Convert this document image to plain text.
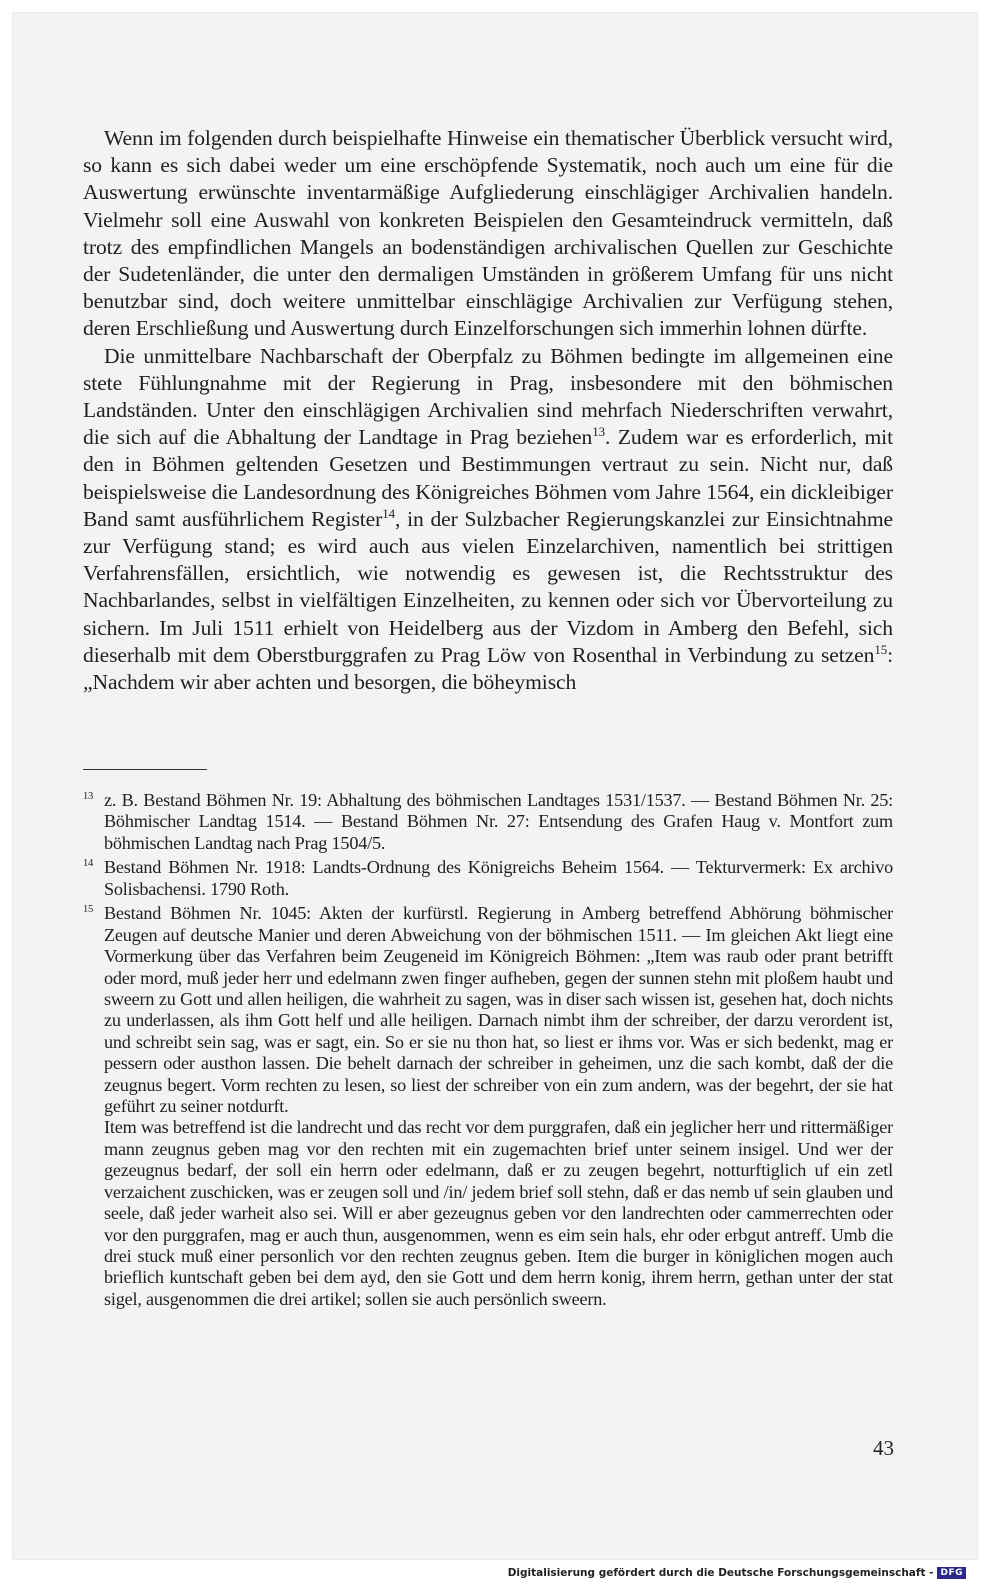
Wenn im folgenden durch beispielhafte Hinweise ein thematischer Überblick versucht wird, so kann es sich dabei weder um eine erschöpfende Systematik, noch auch um eine für die Auswertung erwünschte inventarmäßige Aufgliederung einschlägiger Archivalien handeln. Vielmehr soll eine Auswahl von konkreten Beispielen den Gesamteindruck vermitteln, daß trotz des empfindlichen Mangels an bodenständigen archivalischen Quellen zur Geschichte der Sudetenländer, die unter den dermaligen Umständen in größerem Umfang für uns nicht benutzbar sind, doch weitere unmittelbar einschlägige Archivalien zur Verfügung stehen, deren Erschließung und Auswertung durch Einzelforschungen sich immerhin lohnen dürfte.

Die unmittelbare Nachbarschaft der Oberpfalz zu Böhmen bedingte im allgemeinen eine stete Fühlungnahme mit der Regierung in Prag, insbesondere mit den böhmischen Landständen. Unter den einschlägigen Archivalien sind mehrfach Niederschriften verwahrt, die sich auf die Abhaltung der Landtage in Prag beziehen$^{13}$. Zudem war es erforderlich, mit den in Böhmen geltenden Gesetzen und Bestimmungen vertraut zu sein. Nicht nur, daß beispielsweise die Landesordnung des Königreiches Böhmen vom Jahre 1564, ein dickleibiger Band samt ausführlichem Register$^{14}$, in der Sulzbacher Regierungskanzlei zur Einsichtnahme zur Verfügung stand; es wird auch aus vielen Einzelarchiven, namentlich bei strittigen Verfahrensfällen, ersichtlich, wie notwendig es gewesen ist, die Rechtsstruktur des Nachbarlandes, selbst in vielfältigen Einzelheiten, zu kennen oder sich vor Übervorteilung zu sichern. Im Juli 1511 erhielt von Heidelberg aus der Vizdom in Amberg den Befehl, sich dieserhalb mit dem Oberstburggrafen zu Prag Löw von Rosenthal in Verbindung zu setzen$^{15}$: „Nachdem wir aber achten und besorgen, die böheymisch

13 z. B. Bestand Böhmen Nr. 19: Abhaltung des böhmischen Landtages 1531/1537. — Bestand Böhmen Nr. 25: Böhmischer Landtag 1514. — Bestand Böhmen Nr. 27: Entsendung des Grafen Haug v. Montfort zum böhmischen Landtag nach Prag 1504/5.

14 Bestand Böhmen Nr. 1918: Landts-Ordnung des Königreichs Beheim 1564. — Tekturvermerk: Ex archivo Solisbachensi. 1790 Roth.

15 Bestand Böhmen Nr. 1045: Akten der kurfürstl. Regierung in Amberg betreffend Abhörung böhmischer Zeugen auf deutsche Manier und deren Abweichung von der böhmischen 1511. — Im gleichen Akt liegt eine Vormerkung über das Verfahren beim Zeugeneid im Königreich Böhmen: „Item was raub oder prant betrifft oder mord, muß jeder herr und edelmann zwen finger aufheben, gegen der sunnen stehn mit ploßem haubt und sweern zu Gott und allen heiligen, die wahrheit zu sagen, was in diser sach wissen ist, gesehen hat, doch nichts zu underlassen, als ihm Gott helf und alle heiligen. Darnach nimbt ihm der schreiber, der darzu verordent ist, und schreibt sein sag, was er sagt, ein. So er sie nu thon hat, so liest er ihms vor. Was er sich bedenkt, mag er pessern oder austhon lassen. Die behelt darnach der schreiber in geheimen, unz die sach kombt, daß der die zeugnus begert. Vorm rechten zu lesen, so liest der schreiber von ein zum andern, was der begehrt, der sie hat geführt zu seiner notdurft.

Item was betreffend ist die landrecht und das recht vor dem purggrafen, daß ein jeglicher herr und rittermäßiger mann zeugnus geben mag vor den rechten mit ein zugemachten brief unter seinem insigel. Und wer der gezeugnus bedarf, der soll ein herrn oder edelmann, daß er zu zeugen begehrt, notturftiglich uf ein zetl verzaichent zuschicken, was er zeugen soll und /in/ jedem brief soll stehn, daß er das nemb uf sein glauben und seele, daß jeder warheit also sei. Will er aber gezeugnus geben vor den landrechten oder cammerrechten oder vor den purggrafen, mag er auch thun, ausgenommen, wenn es eim sein hals, ehr oder erbgut antreff. Umb die drei stuck muß einer personlich vor den rechten zeugnus geben. Item die burger in königlichen mogen auch brieflich kuntschaft geben bei dem ayd, den sie Gott und dem herrn konig, ihrem herrn, gethan unter der stat sigel, ausgenommen die drei artikel; sollen sie auch persönlich sweern.

43
Digitalisierung gefördert durch die Deutsche Forschungsgemeinschaft - DFG
